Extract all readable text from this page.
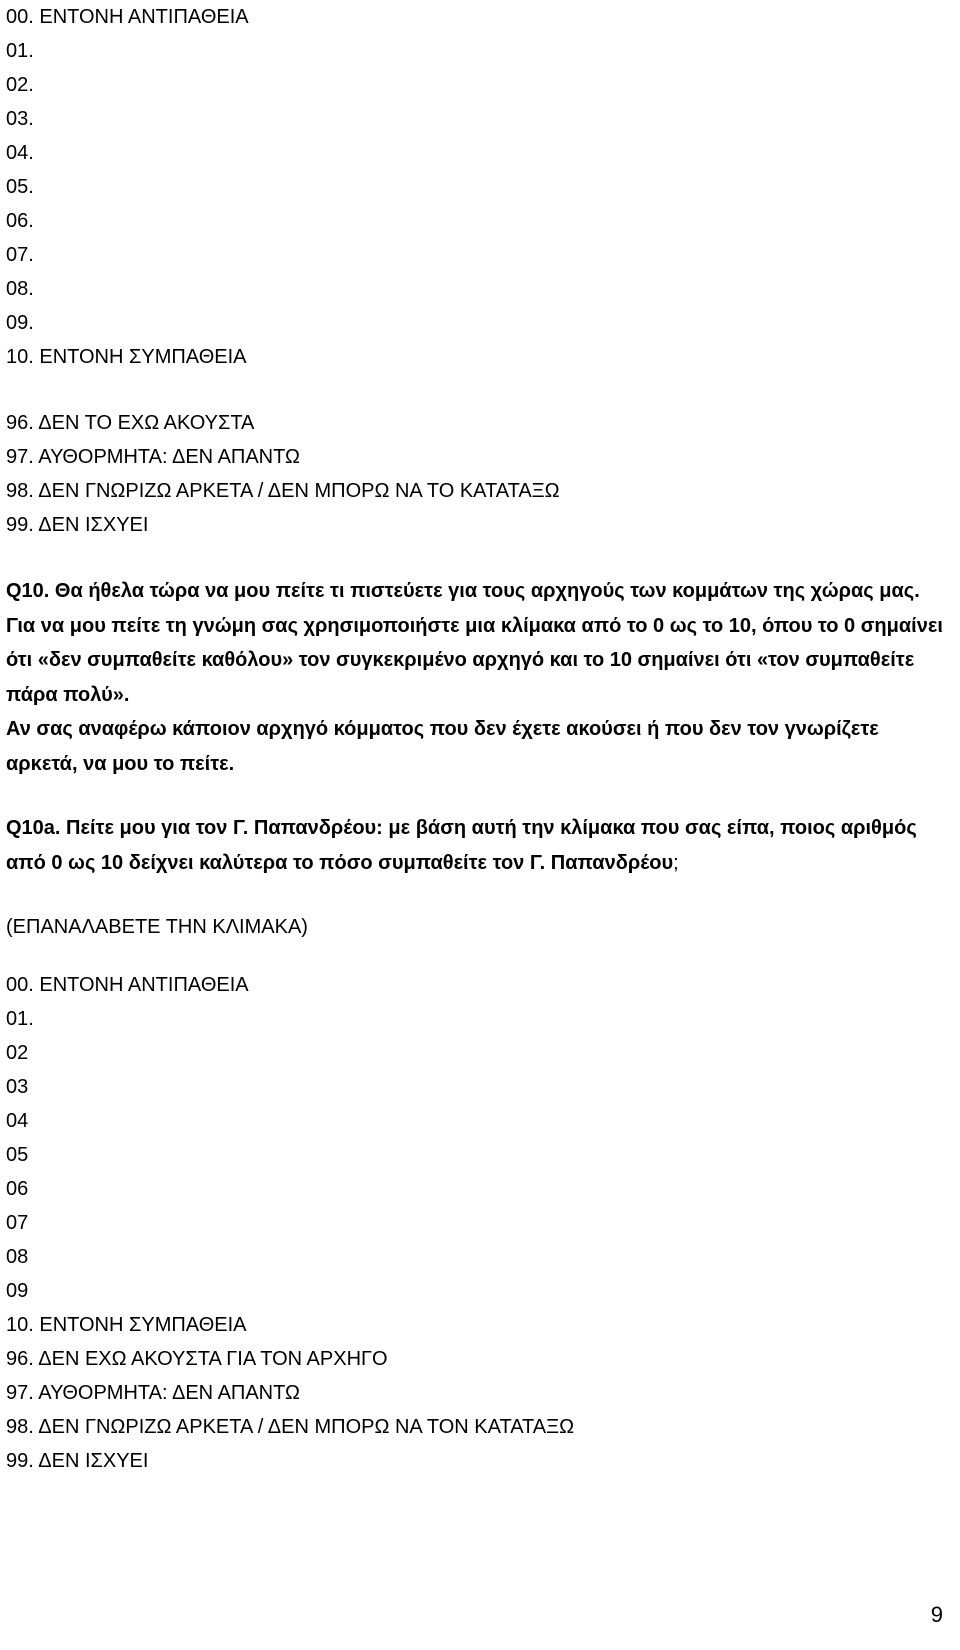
00. ΕΝΤΟΝΗ ΑΝΤΙΠΑΘΕΙΑ
01.
02.
03.
04.
05.
06.
07.
08.
09.
10. ΕΝΤΟΝΗ ΣΥΜΠΑΘΕΙΑ
96. ΔΕΝ ΤΟ ΕΧΩ ΑΚΟΥΣΤΑ
97. ΑΥΘΟΡΜΗΤΑ: ΔΕΝ ΑΠΑΝΤΩ
98. ΔΕΝ ΓΝΩΡΙΖΩ ΑΡΚΕΤΑ / ΔΕΝ ΜΠΟΡΩ ΝΑ ΤΟ ΚΑΤΑΤΑΞΩ
99. ΔΕΝ ΙΣΧΥΕΙ

Q10. Θα ήθελα τώρα να μου πείτε τι πιστεύετε για τους αρχηγούς των κομμάτων της χώρας μας. Για να μου πείτε τη γνώμη σας χρησιμοποιήστε μια κλίμακα από το 0 ως το 10, όπου το 0 σημαίνει ότι «δεν συμπαθείτε καθόλου» τον συγκεκριμένο αρχηγό και το 10 σημαίνει ότι «τον συμπαθείτε πάρα πολύ».

Αν σας αναφέρω κάποιον αρχηγό κόμματος που δεν έχετε ακούσει ή που δεν τον γνωρίζετε αρκετά, να μου το πείτε.

Q10a. Πείτε μου για τον Γ. Παπανδρέου: με βάση αυτή την κλίμακα που σας είπα, ποιος αριθμός από 0 ως 10 δείχνει καλύτερα το πόσο συμπαθείτε τον Γ. Παπανδρέου;

(ΕΠΑΝΑΛΑΒΕΤΕ ΤΗΝ ΚΛΙΜΑΚΑ)
00. ΕΝΤΟΝΗ ΑΝΤΙΠΑΘΕΙΑ
01.
02
03
04
05
06
07
08
09
10. ΕΝΤΟΝΗ ΣΥΜΠΑΘΕΙΑ
96. ΔΕΝ ΕΧΩ ΑΚΟΥΣΤΑ ΓΙΑ ΤΟΝ ΑΡΧΗΓΟ
97. ΑΥΘΟΡΜΗΤΑ: ΔΕΝ ΑΠΑΝΤΩ
98. ΔΕΝ ΓΝΩΡΙΖΩ ΑΡΚΕΤΑ / ΔΕΝ ΜΠΟΡΩ ΝΑ ΤΟΝ ΚΑΤΑΤΑΞΩ
99. ΔΕΝ ΙΣΧΥΕΙ
9
